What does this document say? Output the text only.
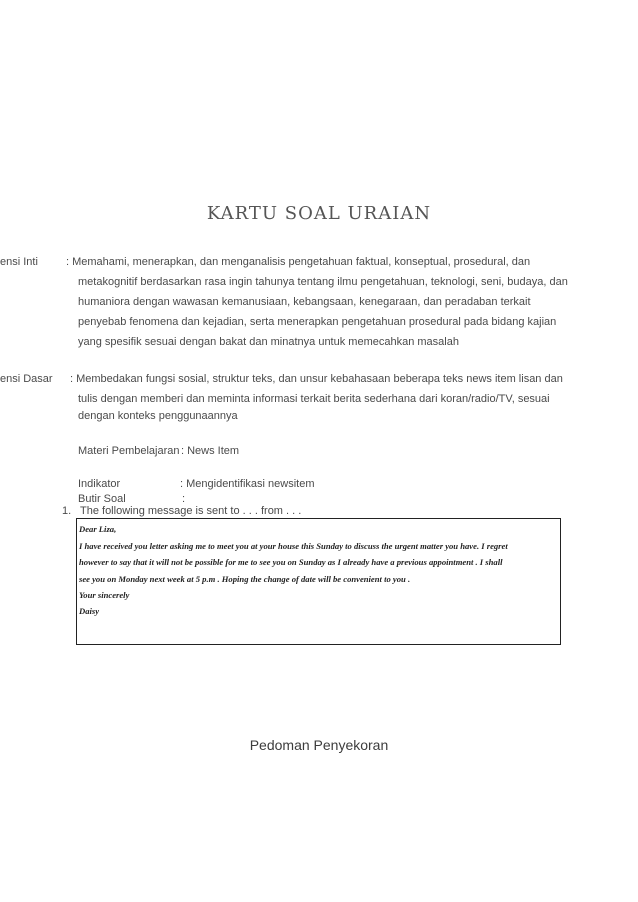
KARTU SOAL URAIAN
ensi Inti	: Memahami, menerapkan, dan menganalisis pengetahuan faktual, konseptual, prosedural, dan
metakognitif berdasarkan rasa ingin tahunya tentang ilmu pengetahuan, teknologi, seni, budaya, dan
humaniora dengan wawasan kemanusiaan, kebangsaan, kenegaraan, dan peradaban terkait
penyebab fenomena dan kejadian, serta menerapkan pengetahuan prosedural pada bidang kajian
yang spesifik sesuai dengan bakat dan minatnya untuk memecahkan masalah
ensi Dasar : Membedakan fungsi sosial, struktur teks, dan unsur kebahasaan beberapa teks news item lisan dan
tulis dengan memberi dan meminta informasi terkait berita sederhana dari koran/radio/TV, sesuai
dengan konteks penggunaannya
Materi Pembelajaran : News Item
Indikator	: Mengidentifikasi newsitem
Butir Soal	:
1. The following message is sent to . . . from . . .
Dear Liza,
I have received you letter asking me to meet you at your house this Sunday to discuss the urgent matter you have. I regret
however to say that it will not be possible for me to see you on Sunday as I already have a previous appointment . I shall
see you on Monday next week at 5 p.m . Hoping the change of date will be convenient to you .
Your sincerely
Daisy
Pedoman Penyekoran
